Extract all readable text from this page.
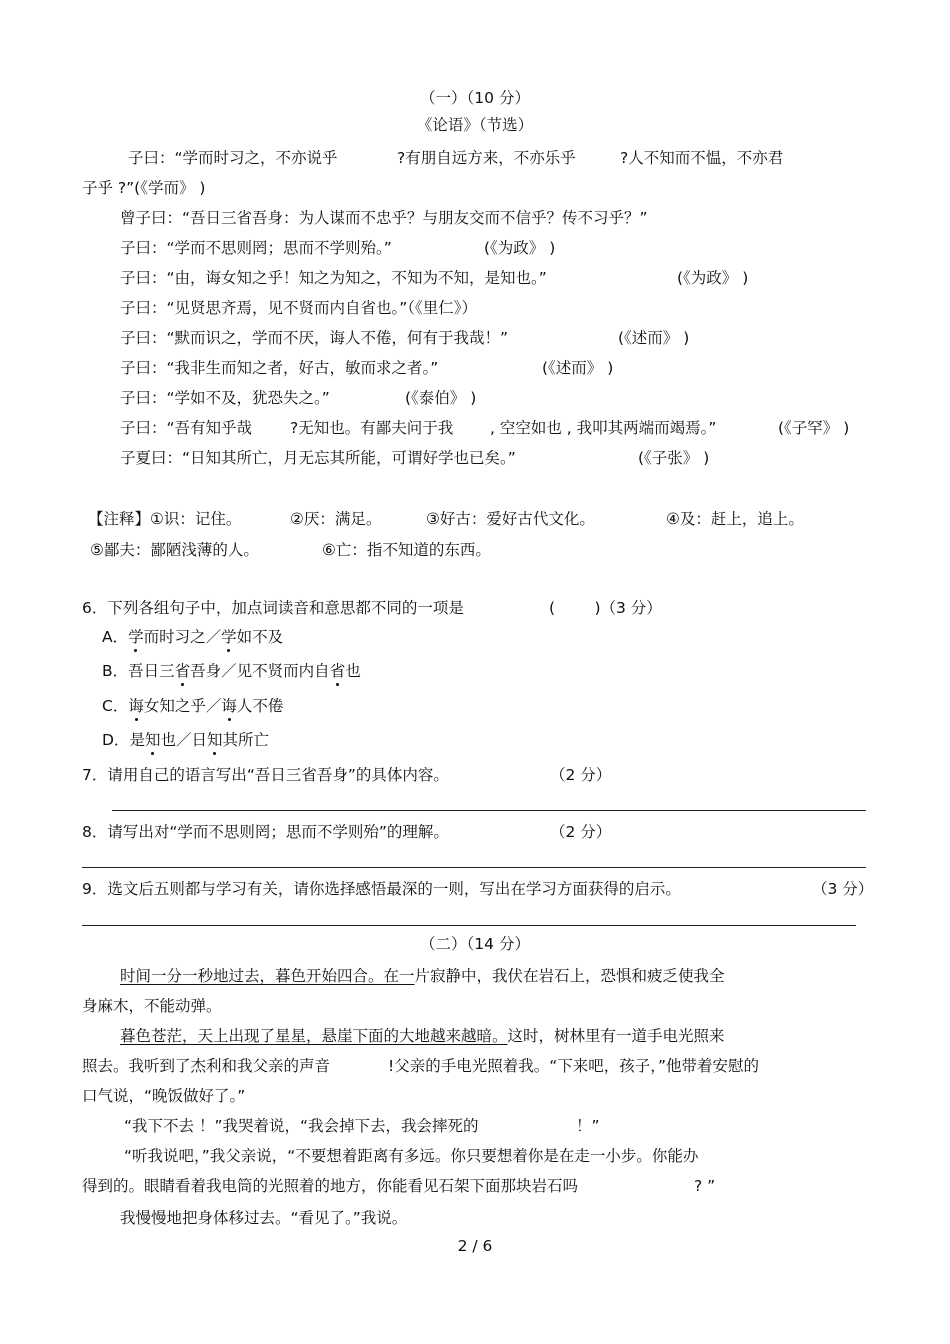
（一）（10 分）
《论语》（节选）
子曰：“学而时习之，不亦说乎	?有朋自远方来，不亦乐乎	?人不知而不愠，不亦君
子乎 ?”(《学而》 )
曾子曰：“吾日三省吾身：为人谋而不忠乎？与朋友交而不信乎？传不习乎？”
子曰：“学而不思则罔；思而不学则殆。”	(《为政》 )
子曰：“由，诲女知之乎！知之为知之，不知为不知，是知也。”	(《为政》 )
子曰：“见贤思齐焉，见不贤而内自省也。”（《里仁》）
子曰：“默而识之，学而不厌，诲人不倦，何有于我哉！”	(《述而》 )
子曰：“我非生而知之者，好古，敏而求之者。”	(《述而》 )
子曰：“学如不及，犹恐失之。”	(《泰伯》 )
子曰：“吾有知乎哉 ?无知也。有鄙夫问于我 , 空空如也 , 我叩其两端而竭焉。”	(《子罕》 )
子夏曰：“日知其所亡，月无忘其所能，可谓好学也已矣。”	(《子张》 )
【注释】①识：记住。	②厌：满足。	③好古：爱好古代文化。	④及：赶上，追上。
⑤鄙夫：鄙陋浅薄的人。	⑥亡：指不知道的东西。
6．下列各组句子中，加点词读音和意思都不同的一项是	(        )（3 分）
A．学而时习之／学如不及
B．吾日三省吾身／见不贤而内自省也
C．诲女知之乎／诲人不倦
D．是知也／日知其所亡
7．请用自己的语言写出“吾日三省吾身”的具体内容。	（2 分）
8．请写出对“学而不思则罔；思而不学则殆”的理解。	（2 分）
9．选文后五则都与学习有关，请你选择感悟最深的一则，写出在学习方面获得的启示。	（3 分）
（二）（14 分）
时间一分一秒地过去，暮色开始四合。在一片寂静中，我伏在岩石上，恐惧和疲乏使我全
身麻木，不能动弹。
暮色苍茫，天上出现了星星，悬崖下面的大地越来越暗。这时，树林里有一道手电光照来
照去。我听到了杰利和我父亲的声音	!父亲的手电光照着我。“下来吧，孩子，”他带着安慰的
口气说，“晚饭做好了。”
“我下不去 ！”我哭着说，“我会掉下去，我会摔死的	！”
“听我说吧，”我父亲说，“不要想着距离有多远。你只要想着你是在走一小步。你能办
得到的。眼睛看着我电筒的光照着的地方，你能看见石架下面那块岩石吗	? ”
我慢慢地把身体移过去。“看见了。”我说。
2 / 6
